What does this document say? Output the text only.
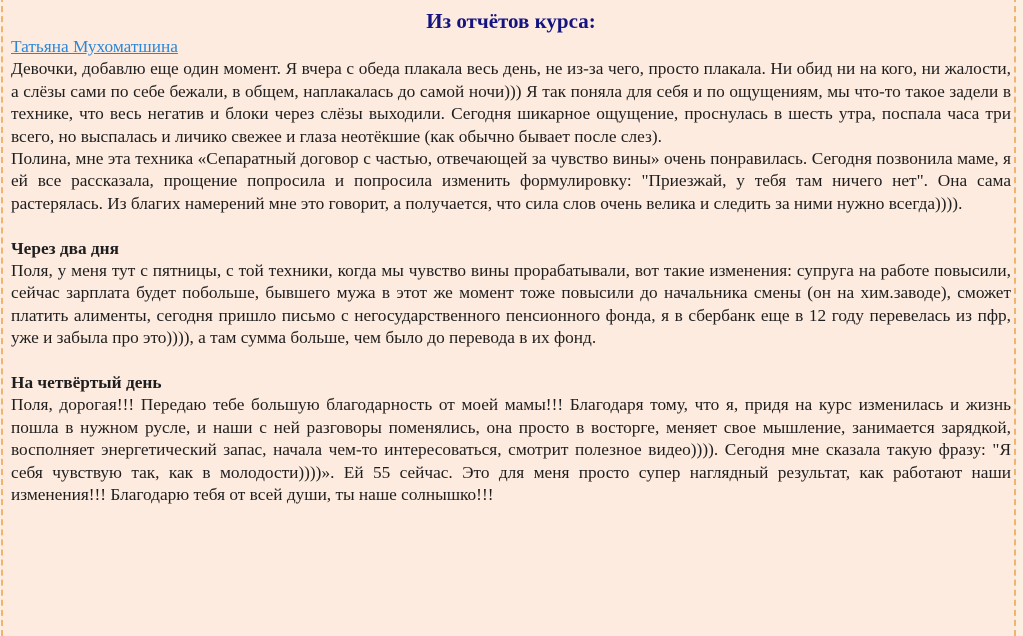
Из отчётов курса:
Татьяна Мухоматшина

Девочки, добавлю еще один момент. Я вчера с обеда плакала весь день, не из-за чего, просто плакала. Ни обид ни на кого, ни жалости, а слёзы сами по себе бежали, в общем, наплакалась до самой ночи))) Я так поняла для себя и по ощущениям, мы что-то такое задели в технике, что весь негатив и блоки через слёзы выходили. Сегодня шикарное ощущение, проснулась в шесть утра, поспала часа три всего, но выспалась и личико свежее и глаза неотёкшие (как обычно бывает после слез).

Полина, мне эта техника «Сепаратный договор с частью, отвечающей за чувство вины» очень понравилась. Сегодня позвонила маме, я ей все рассказала, прощение попросила и попросила изменить формулировку: "Приезжай, у тебя там ничего нет". Она сама растерялась. Из благих намерений мне это говорит, а получается, что сила слов очень велика и следить за ними нужно всегда)))).

Через два дня

Поля, у меня тут с пятницы, с той техники, когда мы чувство вины прорабатывали, вот такие изменения: супруга на работе повысили, сейчас зарплата будет побольше, бывшего мужа в этот же момент тоже повысили до начальника смены (он на хим.заводе), сможет платить алименты, сегодня пришло письмо с негосударственного пенсионного фонда, я в сбербанк еще в 12 году перевелась из пфр, уже и забыла про это)))), а там сумма больше, чем было до перевода в их фонд.

На четвёртый день

Поля, дорогая!!! Передаю тебе большую благодарность от моей мамы!!! Благодаря тому, что я, придя на курс изменилась и жизнь пошла в нужном русле, и наши с ней разговоры поменялись, она просто в восторге, меняет свое мышление, занимается зарядкой, восполняет энергетический запас, начала чем-то интересоваться, смотрит полезное видео)))). Сегодня мне сказала такую фразу: "Я себя чувствую так, как в молодости))))». Ей 55 сейчас. Это для меня просто супер наглядный результат, как работают наши изменения!!! Благодарю тебя от всей души, ты наше солнышко!!!
